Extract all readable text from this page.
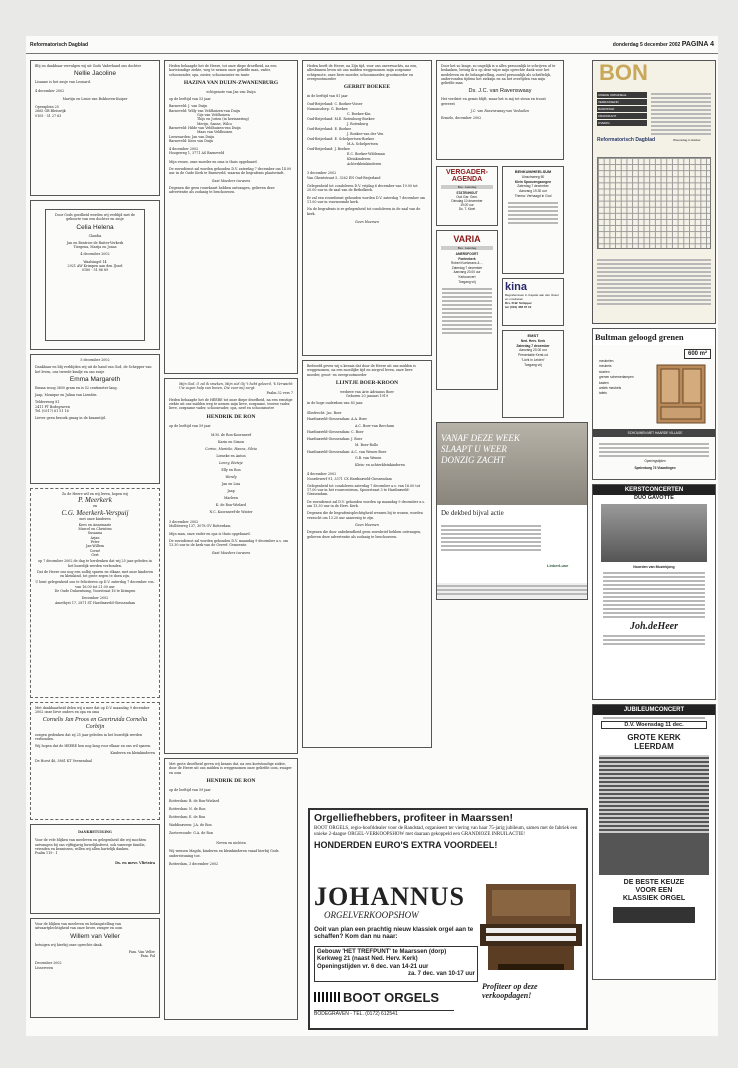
Reformatorisch Dagblad	donderdag 5 december 2002 PAGINA 4
Blij en dankbaar vervulgen wij uit Gods Vaderhand ons dochter
Nellie Jacoline
Lisanne is het zusje van Leonard.
4 december 2002
Martijn en Lenie van Bokhoven-Kuiper
Operaplein 25
2665 GB Bleiswijk
0105 - 51 27 63
Door Gods goedheid werden wij verblijd met de geboorte van een dochter en zusje
Celia Helena
Claudia
Jan en Beatrice de Ruiter-Verkerk
Tirzgena, Marija en Jonas
4 december 2002
Waalsingel 14
2921 AW Krimpen aan den IJssel
0180 - 51 86 89
5 december 2002
Dankbaar en blij verblijden wij uit de hand van God, de Schepper van het leven, ons tweede kindje en ons zusje
Emma Margareth
Emma woog 3650 gram en is 52 centimeter lang.
Jaap, Monique en Julian van Lienden
Teldersweg 81
2411 PT Bodegraven
Tel. (0317) 61 51 16
Liever geen bezoek graag in de kraamtijd.
Zo de Heere wil en wij leven, hopen wij
P. Meerkerk
en
C.G. Meerkerk-Verspuij
met onze kinderen
Kees en Annemarie
Marcel en Christien
Susanna
Arjan
Peter
Jan-Willem
Corné
Gert
op 7 december 2002 de dag te herdenken dat wij 25 jaar geleden in het huwelijk werden verbonden.
Dat de Heere ons nog een nolbij sparen en elkaar, met onze kinderen en kleinkind, tot grote zegen te doen zijn.
U bent gelegenheid ons te feliciteren op D.V. zaterdag 7 december v.m. van 16.00 tot 21.00 uur
De Oude Dulaentuing, Voorstraat 16 te Krimpen
December 2002
Amethyst 17, 2871 ST Hardinxveld-Giessendam
Met dankbaarheid delen wij u mee dat op D.V. maandag 9 december 2002 onze lieve ouders en opa en oma
Cornelis Jan Proos en Geertruida Cornelia Corbijn
zoegen gedenken dat zij 25 jaar geleden in het huwelijk werden verbonden.
Wij hopen dat de HEERE hen nog lang voor elkaar en ons wil sparen.
Kinderen en kleinkinderen
De Horst 46, 3861 KT Veenendaal
DANKBETUIGING
Voor de vele blijken van meeleven en gelegenheid die wij mochten ontvangen bij ons vijftigjarig huwelijksfeest, ook vanwege familie, vrienden en kennissen, willen wij allen hartelijk danken.
Psalm 119 : 1
Ds. en mevr. Vlietstra
Voor de blijken van meeleven en belangstelling van uitvaartplechtigheid van onze broer, zwager en oom
Willem van Veller
betuigen wij hierbij onze oprechte dank.
Fam. Van Veller
Fam. Pol
December 2002
Lisserveen
Heden behaagde het de Heere, tot onze diepe droefheid, na een kortstondige ziekte, weg te nemen onze geliefde man, vader, schoonvader, opa, zuster, schoonzuster en tante
HAZINA VAN DUIJN-ZWANENBURG
echtgenote van Jan van Duijn
op de leeftijd van 53 jaar
Barneveld: J. van Duijn
Barneveld: Willy van Veldhuizen-van Duijn
Gijs van Veldhuizen
Thijs en Jorien (in herinnering)
Merijn, Sanne, Wilco
Barneveld: Hilde van Veldhuizen-van Duijn
Maas van Veldhuizen
Leeuwarden: Jan van Duijn
Barneveld: Kees van Duijn
4 december 2002
Hoogeweg 1, 3771 AS Barneveld
Mijn vrouw, onze moeder en oma is thuis opgebaard.
De rouwdienst zal worden gehouden D.V. zaterdag 7 december om 14.00 uur in de Oude Kerk te Barneveld, waarna de begrafenis plaatsvindt.
Gaat Moeders toewens
Degenen die geen rouwkaart hebben ontvangen, gelieven deze advertentie als zodanig te beschouwen.
Mijn God, O zal ik smeken, Mijn ziel Gij 't hebt geleerd, 'k Verwacht Uw zegen hulp van boven, Die voor mij zorgt.
Psalm 32 vers 7
Heden behaagde het de HEERE tot onze diepe droefheid, na een ernstige ziekte uit ons midden weg te nemen mijn lieve, zorgzame, trouwe vader, lieve, zorgzame vader, schoonvader, opa, neef en schoonzuster
HENDRIK DE RON
op de leeftijd van 59 jaar
M.M. de Ron-Koornneef
Karin en Simon
Corine, Marieke, Hanna, Silvia
Lieneke en Anton
Lenny, Rieteje
Elly en Ron
Wendy
Jan en Lisa
Jaap
Marleen
K. de Ron-Wielard
N.C. Koornneef-de Winter
3 december 2002
Molliteweg 137, 3078 GV Rotterdam
Mijn man, onze vader en opa is thuis opgebaard.
De rouwdienst zal worden gehouden D.V. maandag 9 december a.s. om 13.30 uur in de kerk van de Gerref. Gemeente.
Gaat Moeders toewens
Met grote droefheid geven wij kennis dat, na een kortstondige ziekte, door de Heere uit ons midden is weggenomen onze geliefde oom, zwager en oom
HENDRIK DE RON
op de leeftijd van 59 jaar
Rotterdam: B. de Ron-Wielard
Rotterdam: N. de Ron
Rotterdam: E. de Ron
Waddinxveen: J.A. de Ron
Zoeterwoude: G.A. de Ron
Neven en nichten
Wij wensen Magda, kinderen en kleinkinderen vanaf hierbij Gods ondersteuning toe.
Rotterdam, 3 december 2002
Heden heeft de Heere, na Zijn tijd, voor ons onverwachts, na een, allesbinnen leven uit ons midden weggenomen mijn zorgzame echtgenote, onze lieve moeder, schoonmoeder, grootmoeder en overgrootmoeder
GERRIT BOEKEE
in de leeftijd van 81 jaar
Oud-Beijerland: C. Boekee-Visser
Numansdorp: G. Boekee
C. Boekee-Kin
Oud-Beijerland: M.E. Rotenburg-Boekee
J. Rotenburg
Oud-Beijerland: E. Boekee
J. Boekee-van der Ven
Oud-Beijerland: E. Schelpertsen-Boekee
M.A. Schelpertsen
Oud-Beijerland: J. Boekee
E.C. Boekee-Wildeman
Kleinkinderen
Achterkleinkinderen
3 december 2002
Van Ghentstraat 5, 3262 EN Oud-Beijerland
Gelegenheid tot condoleren D.V. vrijdag 6 december van 19.00 tot 20.00 uur in de zaal van de Bethelkerk.
Er zal een rouwdienst gehouden worden D.V. zaterdag 7 december om 11.00 uur in voornoemde kerk.
Na de begrafenis is er gelegenheid tot condoleren in de zaal van de kerk.
Geen bloemen
Bedroefd geven wij u kennis dat door de Heere uit ons midden is weggenomen, na een moeilijke tijd en zorgvol leven, onze lieve moeder, groot- en overgrootmoeder
LIJNTJE BOER-KROON
weduwe van Arie Adrianus Boer
Geboren 20 januari 1919
in de hoge ouderdom van 83 jaar.
Sliedrecht: Jac. Boer
Hardinxveld-Giessendam: A.A. Boer
A.C. Boer-van Berchum
Hardinxveld-Giessendam: C. Boer
Hardinxveld-Giessendam: J. Boer
M. Boer-Rollo
Hardinxveld-Giessendam: A.C. van Wenen-Boer
G.B. van Wenen
Klein- en achterkleinkinderen
4 december 2002
Noordewerf 91, 3371 CX Hardinxveld-Giessendam
Gelegenheid tot condoleren zaterdag 7 december a.s. van 16.00 tot 17.00 uur in het rouwcentrum, Spoorstraat 3 te Hardinxveld-Giessendam.
De rouwdienst zal D.V. gehouden worden op maandag 9 december a.s. om 13.30 uur in de Herv. Kerk.
Degenen die de begrafenisplechtigheid wensen bij te wonen, worden verzocht om 13.20 uur aanwezig te zijn.
Geen bloemen
Degenen die door onbekendheid geen rouwbrief hebben ontvangen, gelieven deze advertentie als zodanig te beschouwen.
Door het zo lange, zo ongelijk is u alles persoonlijk te schrijven of te bedanken, betuig ik u op deze wijze mijn oprechte dank voor het medeleven en de belangstelling, zowel persoonlijk als schriftelijk, ondervonden tijdens het ziekzijn en na het overlijden van mijn geliefde man
Ds. J.C. van Ravenswaay
Het verdriet en gemis blijft, maar het is mij tot steun en troost geweest
J.C. van Ravenswaay-van Voskuilen
Ermelo, december 2002
VERGADER-
AGENDA
Bes. zaterdag
STATENHOUT
Oud Gar. Gem.
Dinsdag 10 december
19.00 uur
Ds. T. Kloet
VARIA
Bes. zaterdag
AMERSFOORT
Fontenkerk
Robert Koekmans & ...
Zaterdag 7 december
Aanvang 20.00 uur
Kerkconcert
Toegang vrij
BENKUM/HEELSUM
Uinschweeg 50
Klein Sponzengzongen
Zaterdag 7 december
Aanvang 19.30 uur
Thema: Verhaagd in God
kina
Begrafenissen in Capelle aan den IJssel en omstreken
Drs. R.W. Schipper
tel. (010) 458 37 12
EMST
Ned. Herv. Kerk
Zaterdag 7 december
Aanvang 20.00 uur
Presentatie Kerst-cd
"Licht in Leiden"
Toegang vrij
BON
UNIEKE ORIGINELE
VERRASSEND
RANDSTAD
KRAKKRANT
OVERIG
Reformatorisch Dagblad	Woensdag 2 oktober
Bultman geloogd grenen
600 m²
meubelen
meubels
stoelen
grenen schemerlampen
kasten
antiek meubels
tafels
SCHOUWEN MET HAARDE VILLAGE
Openingstijden
Spelenburg 74 Vlaardingen
VANAF DEZE WEEK
SLAAPT U WEER
DONZIG ZACHT
De dekbed bijval actie
LinkerLuse
KERSTCONCERTEN
DUO GAVOTTE
Noorden van Muziekjong
Joh.deHeer
JUBILEUMCONCERT
D.V. Woensdag 11 dec.
GROTE KERK
LEERDAM
DE BESTE KEUZE
VOOR EEN
KLASSIEK ORGEL
Orgelliefhebbers, profiteer in Maarssen!
BOOT ORGELS, regio-hoofddealer voor de Randstad, organiseert ter viering van haar 75-jarig jubileum, samen met de fabriek een unieke 2-daagse ORGEL-VERKOOPSHOW met daaraan gekoppeld een GRANDIOZE INRUILACTIE!
HONDERDEN EURO'S EXTRA VOORDEEL!
JOHANNUS
ORGELVERKOOPSHOW
Ooit van plan een prachtig nieuw klassiek orgel aan te schaffen? Kom dan nu naar:
Gebouw 'HET TREFPUNT' te Maarssen (dorp)
Kerkweg 21 (naast Ned. Herv. Kerk)
Openingstijden vr. 6 dec. van 14-21 uur
za. 7 dec. van 10-17 uur
BOOT ORGELS
BODEGRAVEN - TEL. (0172) 612541
Profiteer op deze verkoopdagen!
